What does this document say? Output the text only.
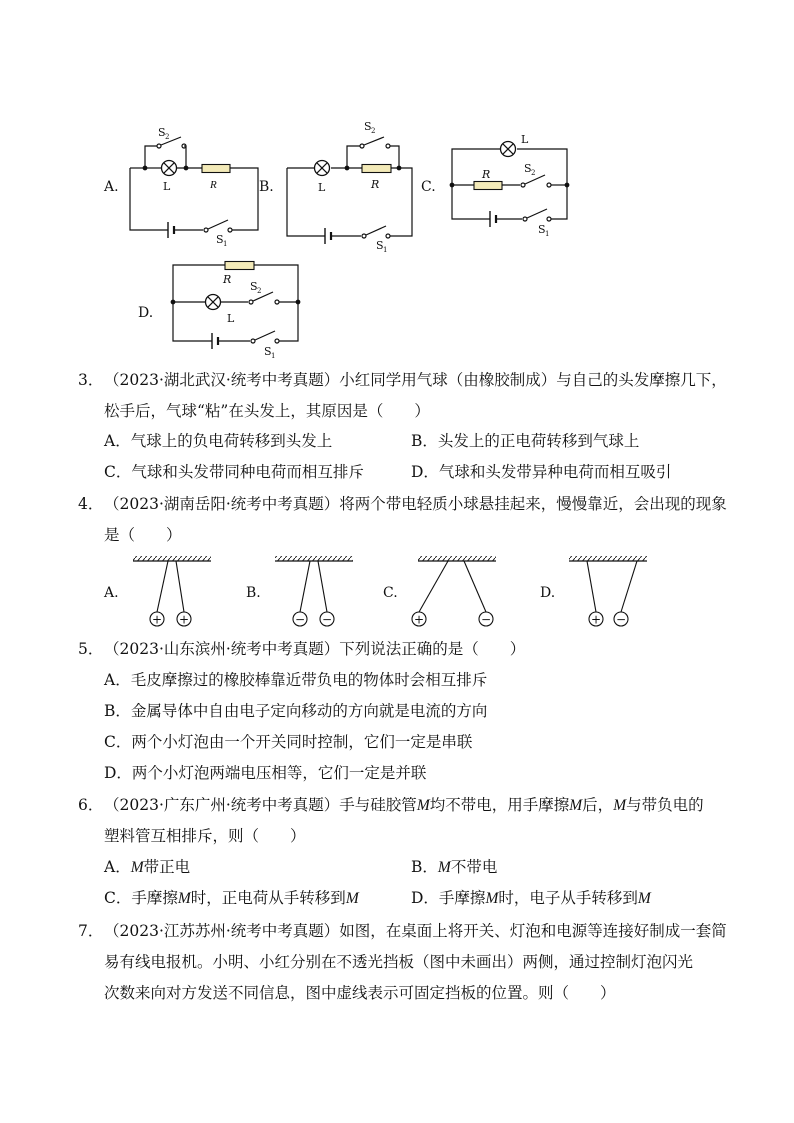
A.	B.	C.
D.
S 2
L	R
S 1
S 2
L	R
S 1
L
R	S 2
S 1
R
S 2
L
S 1
3．（2023·湖北武汉·统考中考真题）小红同学用气球（由橡胶制成）与自己的头发摩擦几下，
松手后，气球“粘”在头发上，其原因是（　　）
A．气球上的负电荷转移到头发上	B．头发上的正电荷转移到气球上
C．气球和头发带同种电荷而相互排斥	D．气球和头发带异种电荷而相互吸引
4．（2023·湖南岳阳·统考中考真题）将两个带电轻质小球悬挂起来，慢慢靠近，会出现的现象
是（　　）
+ +	− −	+	−	+ −
A.	B.	C.	D.
5．（2023·山东滨州·统考中考真题）下列说法正确的是（　　）
A．毛皮摩擦过的橡胶棒靠近带负电的物体时会相互排斥
B．金属导体中自由电子定向移动的方向就是电流的方向
C．两个小灯泡由一个开关同时控制，它们一定是串联
D．两个小灯泡两端电压相等，它们一定是并联
6．（2023·广东广州·统考中考真题）手与硅胶管M均不带电，用手摩擦M后，M与带负电的
塑料管互相排斥，则（　　）
A．M带正电	B．M不带电
C．手摩擦M时，正电荷从手转移到M	D．手摩擦M时，电子从手转移到M
7．（2023·江苏苏州·统考中考真题）如图，在桌面上将开关、灯泡和电源等连接好制成一套简
易有线电报机。小明、小红分别在不透光挡板（图中未画出）两侧，通过控制灯泡闪光
次数来向对方发送不同信息，图中虚线表示可固定挡板的位置。则（　　）
